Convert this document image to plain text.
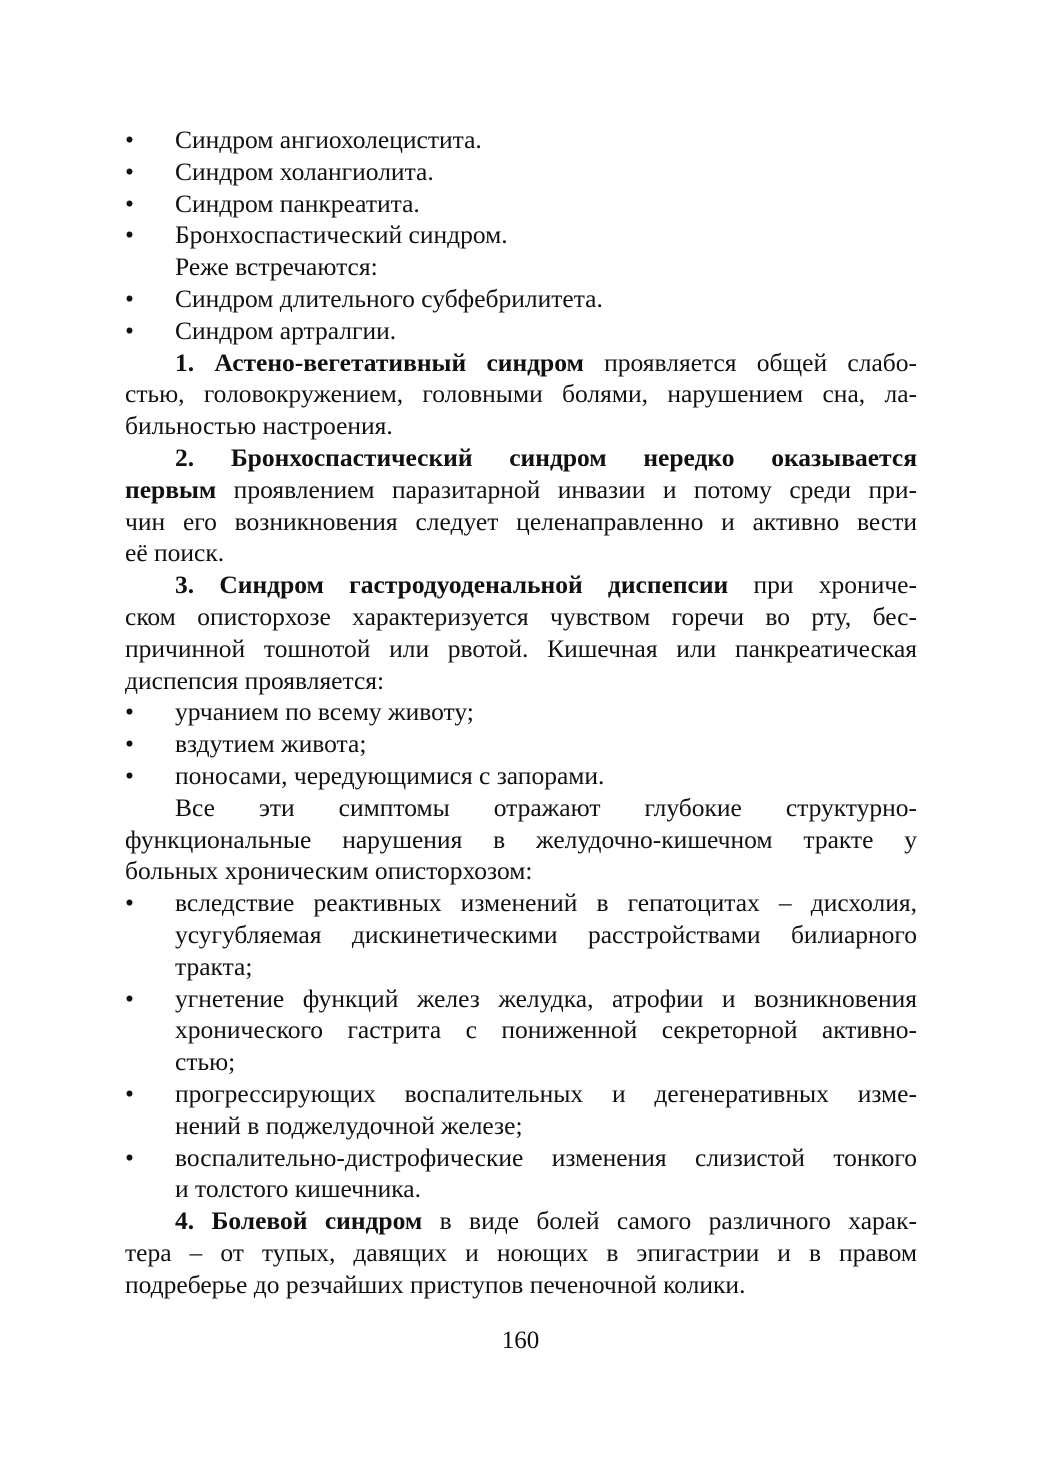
• Синдром ангиохолецистита.
• Синдром холангиолита.
• Синдром панкреатита.
• Бронхоспастический синдром.
Реже встречаются:
• Синдром длительного субфебрилитета.
• Синдром артралгии.
1. Астено-вегетативный синдром проявляется общей слабо-
стью, головокружением, головными болями, нарушением сна, ла-
бильностью настроения.
2. Бронхоспастический синдром нередко оказывается
первым проявлением паразитарной инвазии и потому среди при-
чин его возникновения следует целенаправленно и активно вести
её поиск.
3. Синдром гастродуоденальной диспепсии при хрониче-
ском описторхозе характеризуется чувством горечи во рту, бес-
причинной тошнотой или рвотой. Кишечная или панкреатическая
диспепсия проявляется:
• урчанием по всему животу;
• вздутием живота;
• поносами, чередующимися с запорами.
Все эти симптомы отражают глубокие структурно-
функциональные нарушения в желудочно-кишечном тракте у
больных хроническим описторхозом:
• вследствие реактивных изменений в гепатоцитах – дисхолия,
усугубляемая дискинетическими расстройствами билиарного
тракта;
• угнетение функций желез желудка, атрофии и возникновения
хронического гастрита с пониженной секреторной активно-
стью;
• прогрессирующих воспалительных и дегенеративных изме-
нений в поджелудочной железе;
• воспалительно-дистрофические изменения слизистой тонкого
и толстого кишечника.
4. Болевой синдром в виде болей самого различного харак-
тера – от тупых, давящих и ноющих в эпигастрии и в правом
подреберье до резчайших приступов печеночной колики.
160
